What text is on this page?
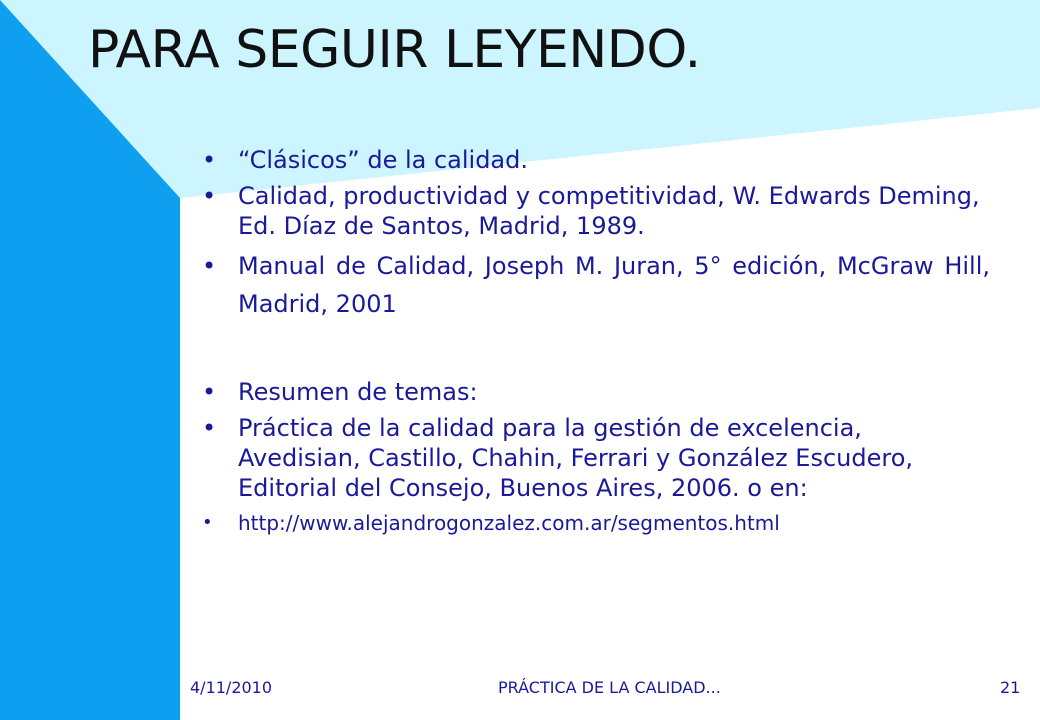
PARA SEGUIR LEYENDO.
• “Clásicos” de la calidad.
• Calidad, productividad y competitividad, W. Edwards Deming, Ed. Díaz de Santos, Madrid, 1989.
• Manual de Calidad, Joseph M. Juran, 5° edición, McGraw Hill, Madrid, 2001
• Resumen de temas:
• Práctica de la calidad para la gestión de excelencia, Avedisian, Castillo, Chahin, Ferrari y González Escudero, Editorial del Consejo, Buenos Aires, 2006. o en:
• http://www.alejandrogonzalez.com.ar/segmentos.html
4/11/2010	PRÁCTICA DE LA CALIDAD...	21
